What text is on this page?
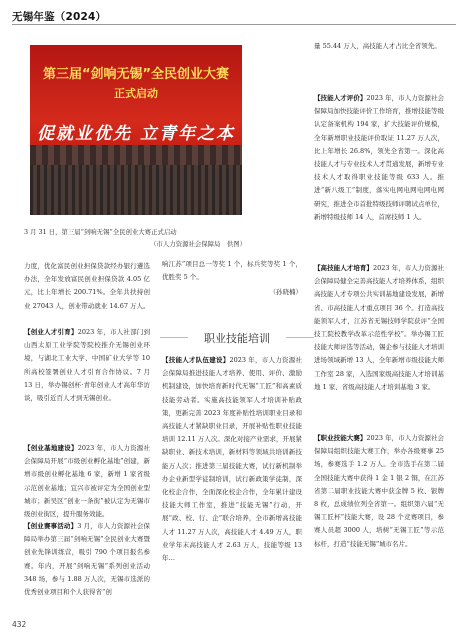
无锡年鉴（2024）
第三届“剑响无锡”全民创业大赛
正式启动
促就业优先 立青年之本
3 月 31 日，第三届“剑响无锡”全民创业大赛正式启动
（市人力资源社会保障局　供图）
力度，优化富民创业担保贷款经办银行遴选办法，全年发放富民创业担保贷款 4.05 亿元，比上年增长 200.71%。全年共扶持创业 27043 人，创业带动就业 14.67 万人。
【创业人才引育】2023 年，市人社部门到山西太原工业学院等院校推介无锡创业环境，与湖北工业大学、中国矿业大学等 10 所高校签署创业人才引育合作协议。7 月 13 日，举办锡创杯·青年创业人才高年华访谈，吸引近百人才到无锡创业。
【创业基地建设】2023 年，市人力资源社会保障局开展“市级创业孵化基地”创建，新增市级创业孵化基地 6 家，新增 1 家省级示范创业基地；宜兴市被评定为全国创业型城市；新吴区“创业一条街”被认定为无锡市级创业街区，提升服务效能。
【创业赛事活动】3 月，市人力资源社会保障局举办第三届“剑响无锡”全民创业大赛暨创业先锋训练营，吸引 790 个项目报名参赛。年内，开展“剑响无锡”系列创业活动 348 场，参与 1.88 万人次，无锡市选派的优秀创业项目和个人获得省“创
响江苏”项目总一等奖 1 个，标兵奖等奖 1 个，优胜奖 5 个。
（孙晓楠）
职业技能培训
【技能人才队伍建设】2023 年，市人力资源社会保障局推进技能人才培养、使用、评价、激励机制建设，加快培育新时代无锡“工匠”和高素质技能劳动者。实施高技能领军人才培训补贴政策，更新完善 2023 年度补贴性培训职业目录和高技能人才紧缺职业目录，开展补贴性职业技能培训 12.11 万人次。深化对接产业需求，开展紧缺职业、新技术培训，新材料等领域共培训新技能万人次；推进第三届技能大赛，试行新机制举办企业新型学徒制培训，试行新政策学徒制，深化校企合作，全面深化校企合作，全年累计建设技能大师工作室，推进“技能无锡”行动，开展“政、校、行、企”联合培养，全市新增高技能人才 11.27 万人次，高技能人才 4.49 万人，职业学年末高技能人才 2.63 万人，技能等级 13 年…
量 55.44 万人，高技能人才占比全省领先。
【技能人才评价】2023 年，市人力资源社会保障局加快技能评价工作培育，推增技能等级认定备案机构 194 家，扩大技能评价规模，全年新增职业技能评价取证 11.27 万人次，比上年增长 26.8%，领先全省第一。深化高技能人才与专业技术人才贯通发展，新增专业技术人才取得职业技能等级 633 人。推进“新八级工”制度，落实电网电网电网电网研究，推进全市首批特级技师评聘试点单位，新增特级技师 14 人，首席技师 1 人。
【高技能人才培育】2023 年，市人力资源社会保障局健全完善高技能人才培养体系，组织高技能人才专项公共实训基地建设发展，新增省、市高技能人才重点项目 36 个。打造高技能领军人才，江苏省无锡技师学院获评“全国技工院校教学改革示范性学校”。举办锡工匠技能大师评选等活动，锡企参与技能人才培训进场领域新增 13 人，全年新增市级技能大师工作室 28 家，入选国家级高技能人才培训基地 1 家、省级高技能人才培训基地 3 家。
【职业技能大赛】2023 年，市人力资源社会保障局组织技能大赛工作，举办各级赛事 25 场，参赛选手 1.2 万人。全市选手在第二届全国技能大赛中获得 1 金 1 银 2 铜，在江苏省第二届职业技能大赛中获金牌 5 枚、银牌 8 枚，总成绩位列全省第一。组织第六届“无锡工匠杯”技能大赛，设 28 个竞赛项目，参赛人员超 3000 人，培树“无锡工匠”等示范标杆，打造“技能无锡”城市名片。
432
